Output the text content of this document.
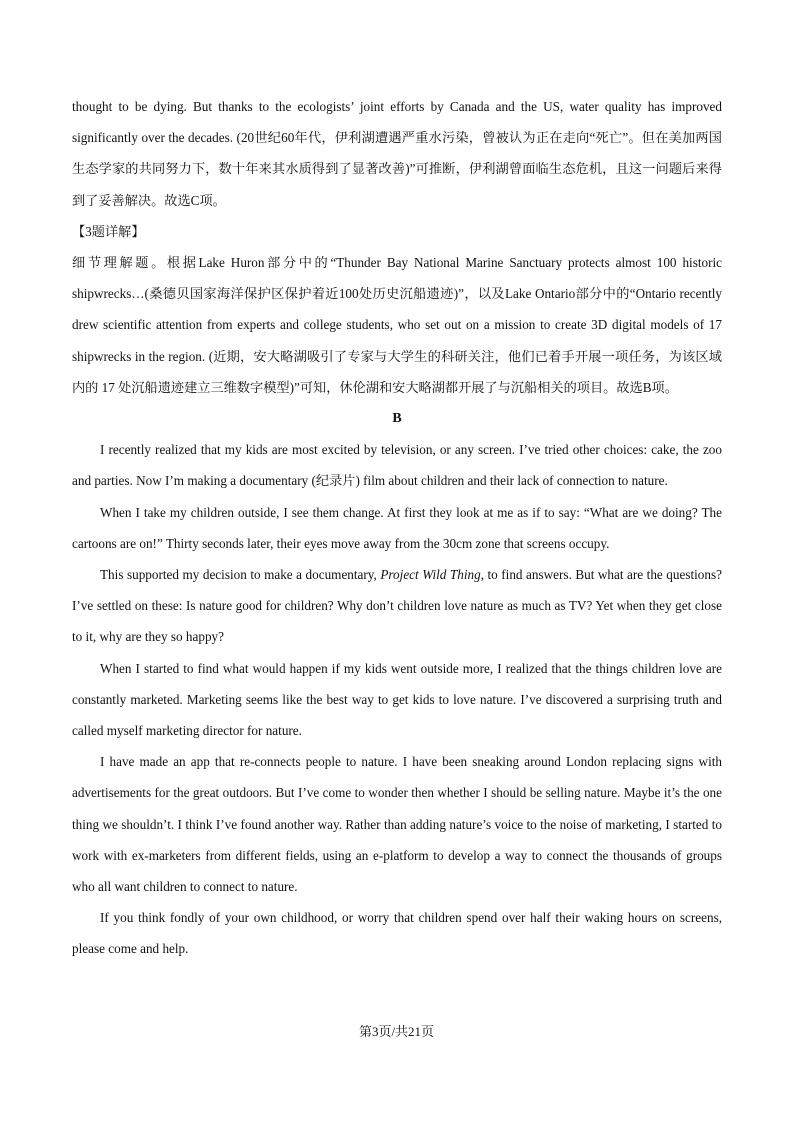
thought to be dying. But thanks to the ecologists’ joint efforts by Canada and the US, water quality has improved significantly over the decades. (20世纪60年代，伊利湖遭遇严重水污染，曾被认为正在走向“死亡”。但在美加两国生态学家的共同努力下，数十年来其水质得到了显著改善)”可推断，伊利湖曾面临生态危机，且这一问题后来得到了妥善解决。故选C项。

【3题详解】

细节理解题。根据Lake Huron部分中的“Thunder Bay National Marine Sanctuary protects almost 100 historic shipwrecks…(桑德贝国家海洋保护区保护着近100处历史沉船遗迹)”，以及Lake Ontario部分中的“Ontario recently drew scientific attention from experts and college students, who set out on a mission to create 3D digital models of 17 shipwrecks in the region. (近期，安大略湖吸引了专家与大学生的科研关注，他们已着手开展一项任务，为该区域内的 17 处沉船遗迹建立三维数字模型)”可知，休伦湖和安大略湖都开展了与沉船相关的项目。故选B项。

B

I recently realized that my kids are most excited by television, or any screen. I’ve tried other choices: cake, the zoo and parties. Now I’m making a documentary (纪录片) film about children and their lack of connection to nature.

When I take my children outside, I see them change. At first they look at me as if to say: “What are we doing? The cartoons are on!” Thirty seconds later, their eyes move away from the 30cm zone that screens occupy.

This supported my decision to make a documentary, Project Wild Thing, to find answers. But what are the questions? I’ve settled on these: Is nature good for children? Why don’t children love nature as much as TV? Yet when they get close to it, why are they so happy?

When I started to find what would happen if my kids went outside more, I realized that the things children love are constantly marketed. Marketing seems like the best way to get kids to love nature. I’ve discovered a surprising truth and called myself marketing director for nature.

I have made an app that re-connects people to nature. I have been sneaking around London replacing signs with advertisements for the great outdoors. But I’ve come to wonder then whether I should be selling nature. Maybe it’s the one thing we shouldn’t. I think I’ve found another way. Rather than adding nature’s voice to the noise of marketing, I started to work with ex-marketers from different fields, using an e-platform to develop a way to connect the thousands of groups who all want children to connect to nature.

If you think fondly of your own childhood, or worry that children spend over half their waking hours on screens, please come and help.

第3页/共21页
